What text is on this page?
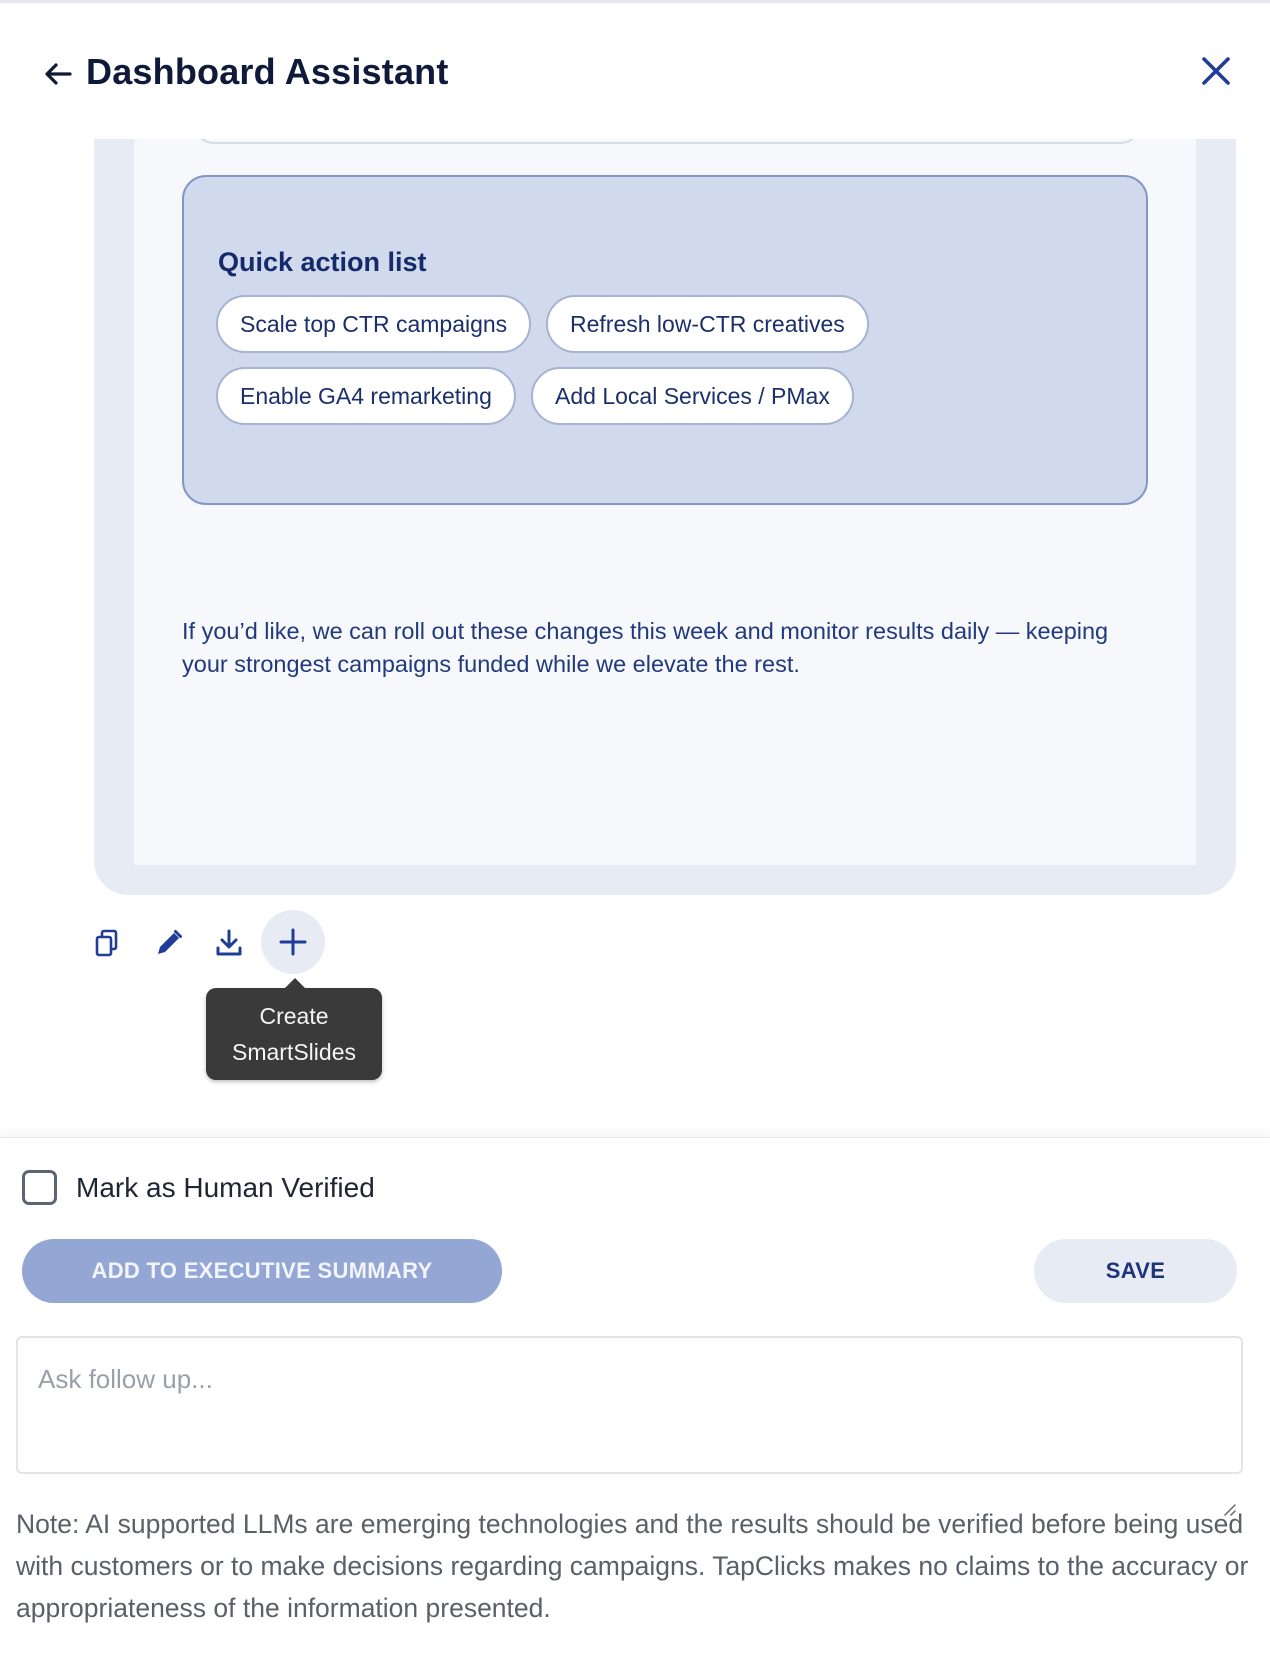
Quick action list
Scale top CTR campaigns	Refresh low-CTR creatives
Enable GA4 remarketing	Add Local Services / PMax
If you’d like, we can roll out these changes this week and monitor results daily — keeping your strongest campaigns funded while we elevate the rest.
Dashboard Assistant
Create
SmartSlides
Mark as Human Verified
ADD TO EXECUTIVE SUMMARY	SAVE
Ask follow up...
Note: AI supported LLMs are emerging technologies and the results should be verified before being used with customers or to make decisions regarding campaigns. TapClicks makes no claims to the accuracy or appropriateness of the information presented.
